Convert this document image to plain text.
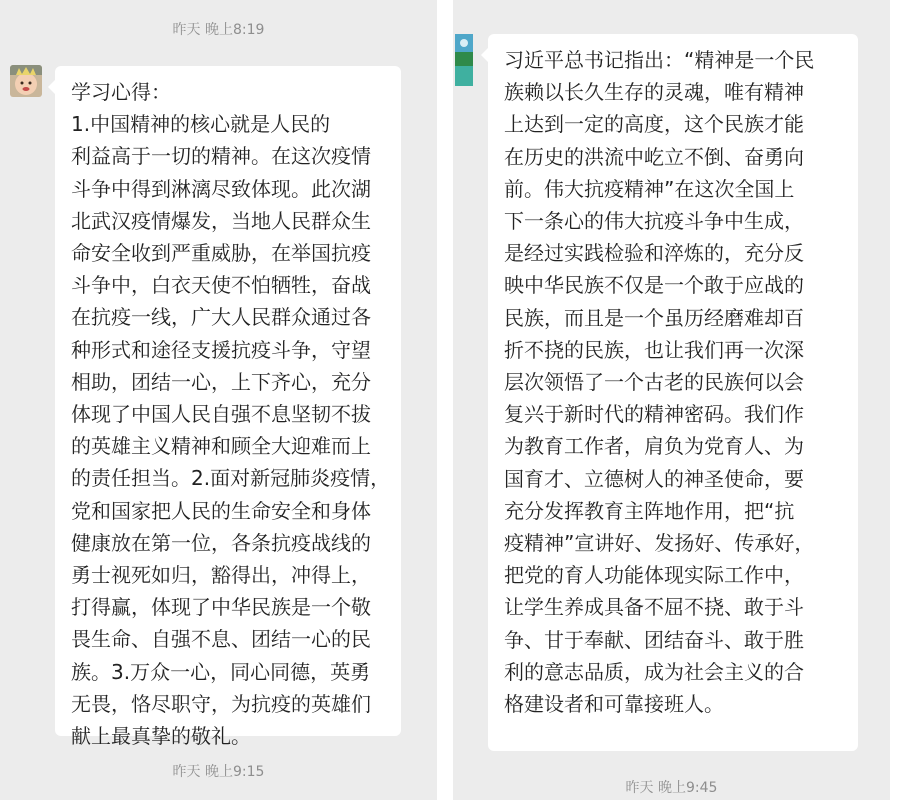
昨天 晚上8:19
学习心得：
1.中国精神的核心就是人民的
利益高于一切的精神。在这次疫情
斗争中得到淋漓尽致体现。此次湖
北武汉疫情爆发，当地人民群众生
命安全收到严重威胁，在举国抗疫
斗争中，白衣天使不怕牺牲，奋战
在抗疫一线，广大人民群众通过各
种形式和途径支援抗疫斗争，守望
相助，团结一心，上下齐心，充分
体现了中国人民自强不息坚韧不拔
的英雄主义精神和顾全大迎难而上
的责任担当。2.面对新冠肺炎疫情，
党和国家把人民的生命安全和身体
健康放在第一位，各条抗疫战线的
勇士视死如归，豁得出，冲得上，
打得赢，体现了中华民族是一个敬
畏生命、自强不息、团结一心的民
族。3.万众一心，同心同德，英勇
无畏，恪尽职守，为抗疫的英雄们
献上最真挚的敬礼。
昨天 晚上9:15
习近平总书记指出：“精神是一个民
族赖以长久生存的灵魂，唯有精神
上达到一定的高度，这个民族才能
在历史的洪流中屹立不倒、奋勇向
前。伟大抗疫精神”在这次全国上
下一条心的伟大抗疫斗争中生成，
是经过实践检验和淬炼的，充分反
映中华民族不仅是一个敢于应战的
民族，而且是一个虽历经磨难却百
折不挠的民族，也让我们再一次深
层次领悟了一个古老的民族何以会
复兴于新时代的精神密码。我们作
为教育工作者，肩负为党育人、为
国育才、立德树人的神圣使命，要
充分发挥教育主阵地作用，把“抗
疫精神”宣讲好、发扬好、传承好，
把党的育人功能体现实际工作中，
让学生养成具备不屈不挠、敢于斗
争、甘于奉献、团结奋斗、敢于胜
利的意志品质，成为社会主义的合
格建设者和可靠接班人。
昨天 晚上9:45
